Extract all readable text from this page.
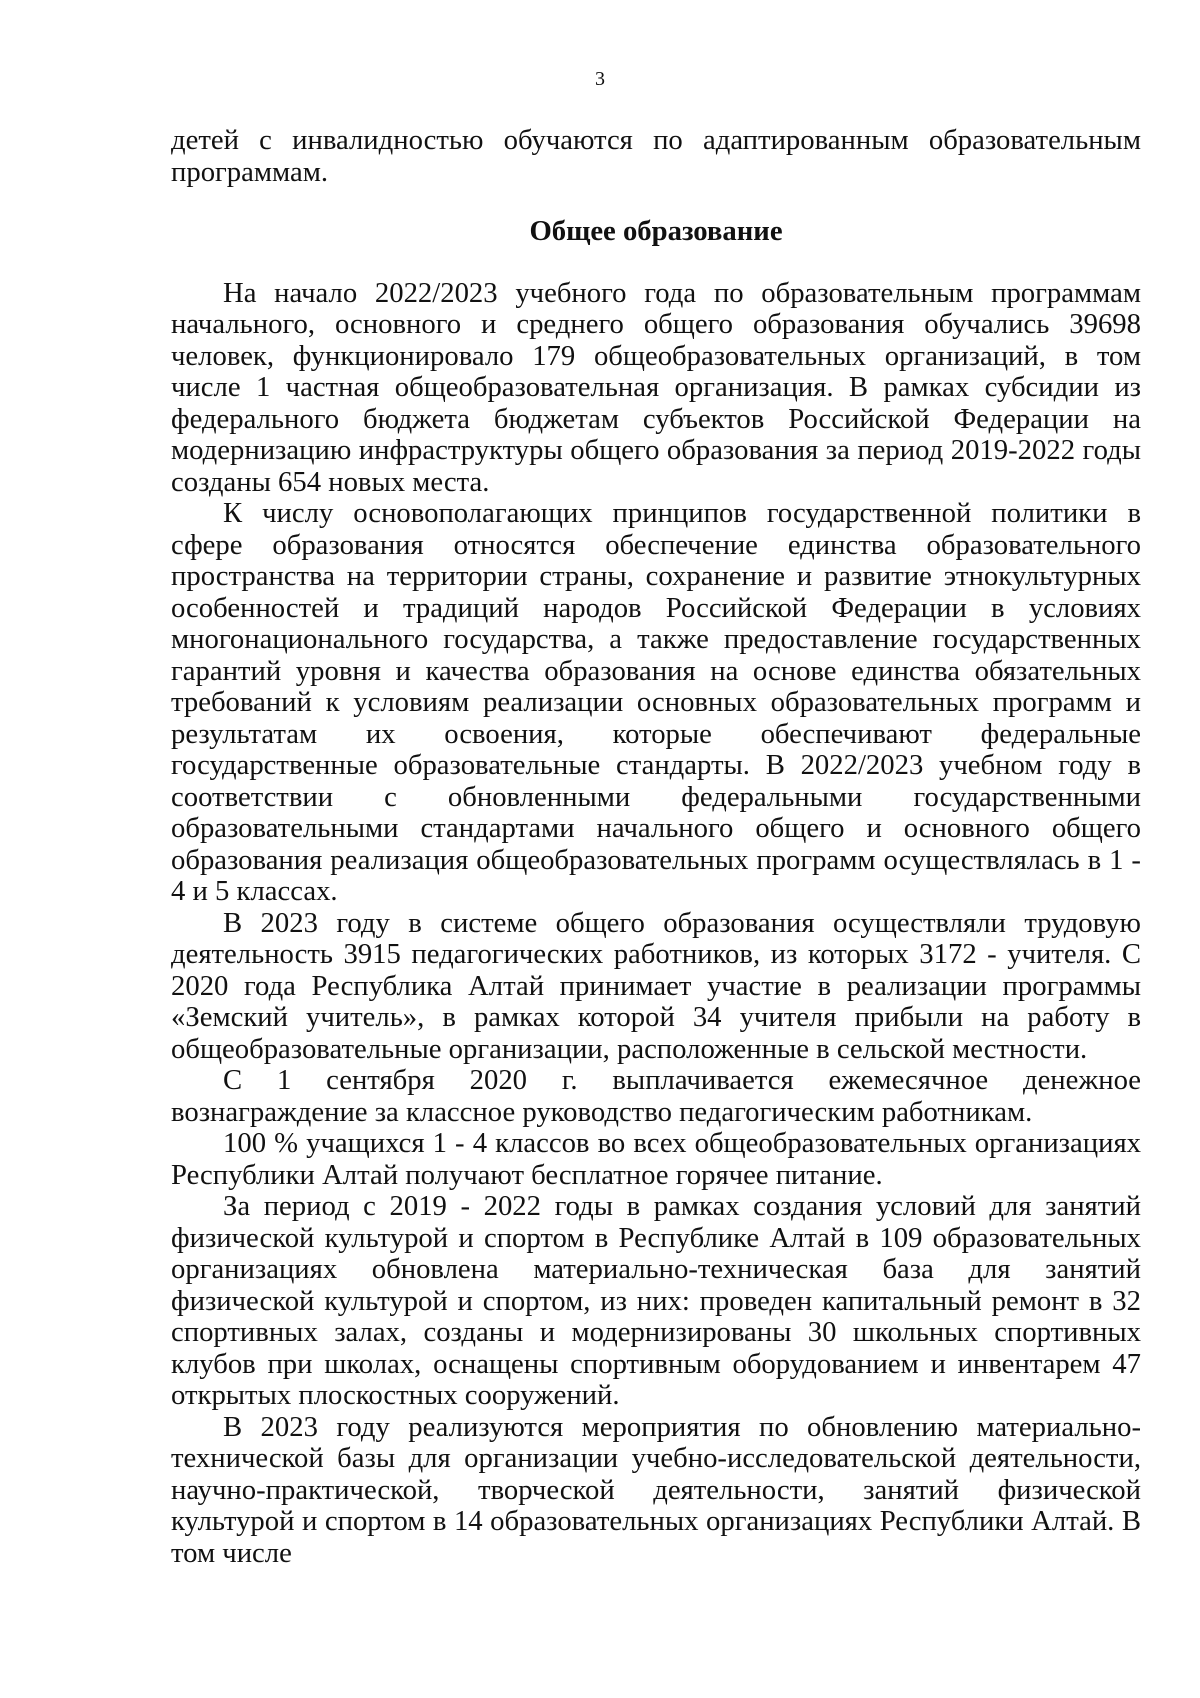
3

детей с инвалидностью обучаются по адаптированным образовательным программам.

Общее образование

На начало 2022/2023 учебного года по образовательным программам начального, основного и среднего общего образования обучались 39698 человек, функционировало 179 общеобразовательных организаций, в том числе 1 частная общеобразовательная организация. В рамках субсидии из федерального бюджета бюджетам субъектов Российской Федерации на модернизацию инфраструктуры общего образования за период 2019-2022 годы созданы 654 новых места.

К числу основополагающих принципов государственной политики в сфере образования относятся обеспечение единства образовательного пространства на территории страны, сохранение и развитие этнокультурных особенностей и традиций народов Российской Федерации в условиях многонационального государства, а также предоставление государственных гарантий уровня и качества образования на основе единства обязательных требований к условиям реализации основных образовательных программ и результатам их освоения, которые обеспечивают федеральные государственные образовательные стандарты. В 2022/2023 учебном году в соответствии с обновленными федеральными государственными образовательными стандартами начального общего и основного общего образования реализация общеобразовательных программ осуществлялась в 1 - 4 и 5 классах.

В 2023 году в системе общего образования осуществляли трудовую деятельность 3915 педагогических работников, из которых 3172 - учителя. С 2020 года Республика Алтай принимает участие в реализации программы «Земский учитель», в рамках которой 34 учителя прибыли на работу в общеобразовательные организации, расположенные в сельской местности.

С 1 сентября 2020 г. выплачивается ежемесячное денежное вознаграждение за классное руководство педагогическим работникам.

100 % учащихся 1 - 4 классов во всех общеобразовательных организациях Республики Алтай получают бесплатное горячее питание.

За период с 2019 - 2022 годы в рамках создания условий для занятий физической культурой и спортом в Республике Алтай в 109 образовательных организациях обновлена материально-техническая база для занятий физической культурой и спортом, из них: проведен капитальный ремонт в 32 спортивных залах, созданы и модернизированы 30 школьных спортивных клубов при школах, оснащены спортивным оборудованием и инвентарем 47 открытых плоскостных сооружений.

В 2023 году реализуются мероприятия по обновлению материально-технической базы для организации учебно-исследовательской деятельности, научно-практической, творческой деятельности, занятий физической культурой и спортом в 14 образовательных организациях Республики Алтай. В том числе
